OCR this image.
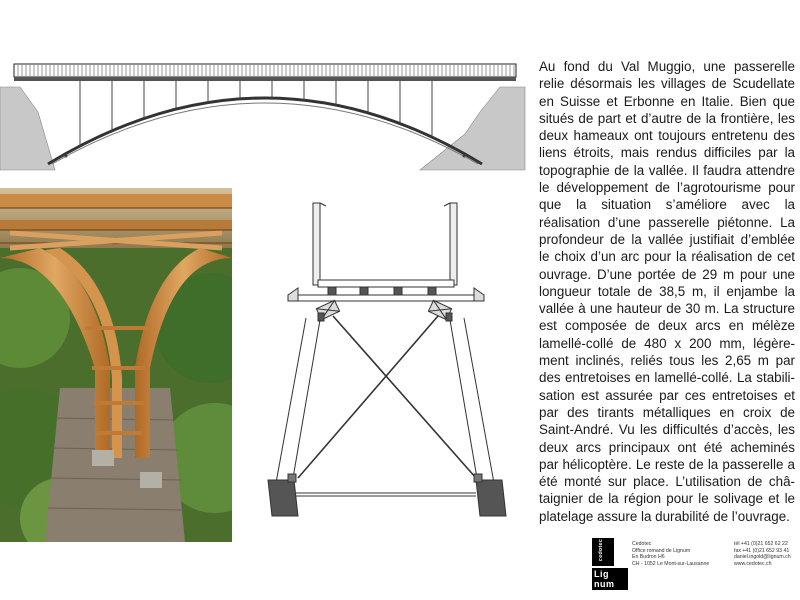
Au fond du Val Muggio, une passerelle relie désormais les villages de Scudellate en Suisse et Erbonne en Italie. Bien que situés de part et d’autre de la frontière, les deux hameaux ont toujours entretenu des liens étroits, mais rendus difficiles par la topographie de la vallée. Il faudra attendre le développement de l’agrotourisme pour que la situation s’améliore avec la réalisation d’une passerelle piétonne. La profondeur de la vallée justifiait d’emblée le choix d’un arc pour la réalisation de cet ouvrage. D’une portée de 29 m pour une longueur totale de 38,5 m, il enjambe la vallée à une hauteur de 30 m. La structure est composée de deux arcs en mélèze lamellé-collé de 480 x 200 mm, légèrement inclinés, reliés tous les 2,65 m par des entretoises en lamellé-collé. La stabilisation est assurée par ces entretoises et par des tirants métalliques en croix de Saint-André. Vu les difficultés d’accès, les deux arcs principaux ont été acheminés par hélicoptère. Le reste de la passerelle a été monté sur place. L’utilisation de châtaignier de la région pour le solivage et le platelage assure la durabilité de l’ouvrage.

cedotec
Lig
num
Cedotec
Office romand de Lignum
En Budron H6
CH - 1052 Le Mont-sur-Lausanne
tél +41 (0)21 652 62 22
fax +41 (0)21 652 93 41
daniel.ingold@lignum.ch
www.cedotec.ch
